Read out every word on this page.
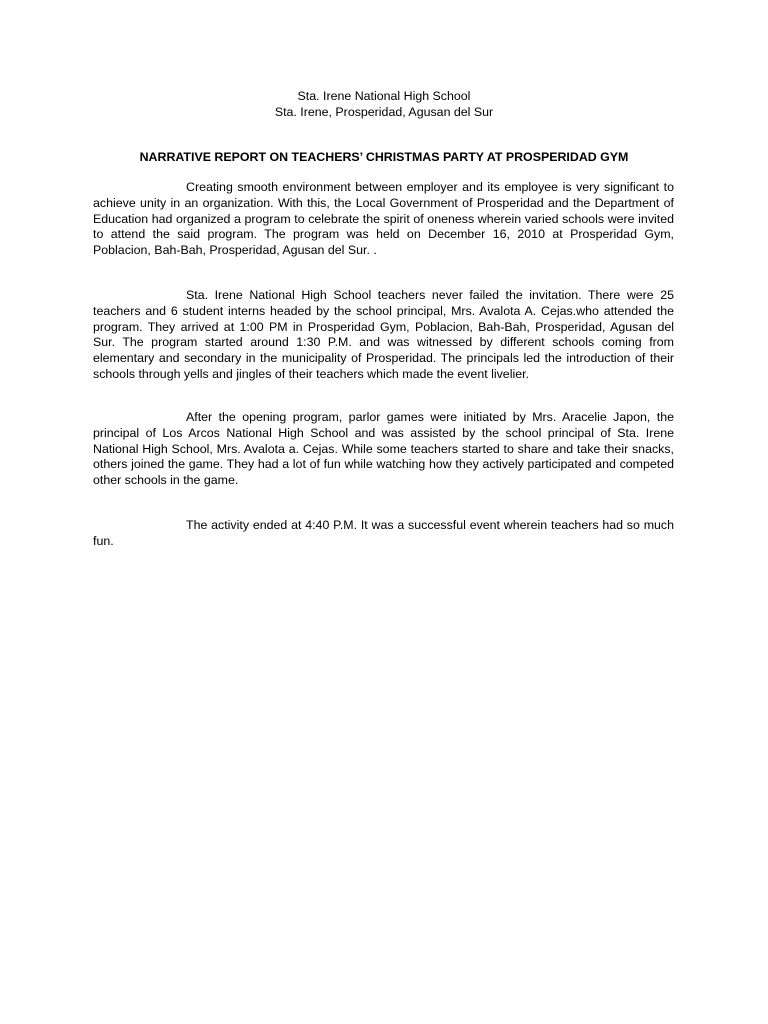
Sta. Irene National High School
Sta. Irene, Prosperidad, Agusan del Sur
NARRATIVE REPORT ON TEACHERS’ CHRISTMAS PARTY AT PROSPERIDAD GYM

Creating smooth environment between employer and its employee is very significant to achieve unity in an organization. With this, the Local Government of Prosperidad and the Department of Education had organized a program to celebrate the spirit of oneness wherein varied schools were invited to attend the said program. The program was held on December 16, 2010 at Prosperidad Gym, Poblacion, Bah-Bah, Prosperidad, Agusan del Sur. .

Sta. Irene National High School teachers never failed the invitation. There were 25 teachers and 6 student interns headed by the school principal, Mrs. Avalota A. Cejas.who attended the program. They arrived at 1:00 PM in Prosperidad Gym, Poblacion, Bah-Bah, Prosperidad, Agusan del Sur. The program started around 1:30 P.M. and was witnessed by different schools coming from elementary and secondary in the municipality of Prosperidad. The principals led the introduction of their schools through yells and jingles of their teachers which made the event livelier.

After the opening program, parlor games were initiated by Mrs. Aracelie Japon, the principal of Los Arcos National High School and was assisted by the school principal of Sta. Irene National High School, Mrs. Avalota a. Cejas. While some teachers started to share and take their snacks, others joined the game. They had a lot of fun while watching how they actively participated and competed other schools in the game.

The activity ended at 4:40 P.M. It was a successful event wherein teachers had so much fun.
